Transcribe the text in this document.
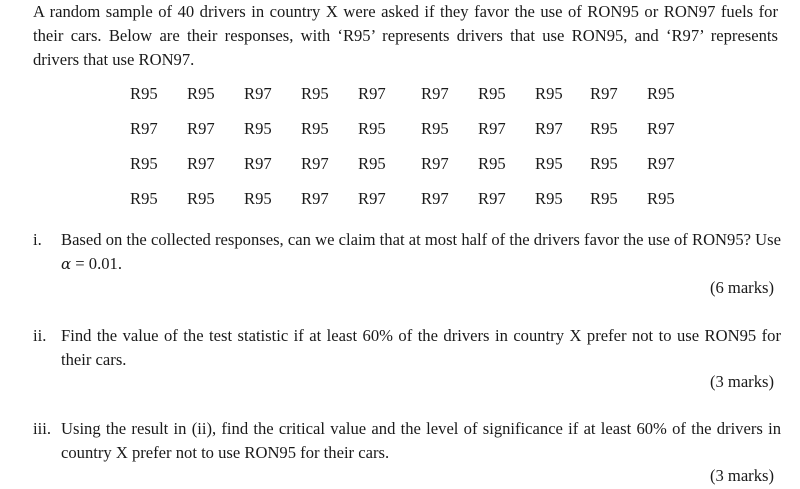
A random sample of 40 drivers in country X were asked if they favor the use of RON95 or RON97 fuels for their cars. Below are their responses, with ‘R95’ represents drivers that use RON95, and ‘R97’ represents drivers that use RON97.

R95 R95 R97 R95 R97 R97 R95 R95 R97 R95
R97 R97 R95 R95 R95 R95 R97 R97 R95 R97
R95 R97 R97 R97 R95 R97 R95 R95 R95 R97
R95 R95 R95 R97 R97 R97 R97 R95 R95 R95
i. Based on the collected responses, can we claim that at most half of the drivers favor the use of RON95? Use α = 0.01.
(6 marks)
ii. Find the value of the test statistic if at least 60% of the drivers in country X prefer not to use RON95 for their cars.
(3 marks)
iii. Using the result in (ii), find the critical value and the level of significance if at least 60% of the drivers in country X prefer not to use RON95 for their cars.
(3 marks)
